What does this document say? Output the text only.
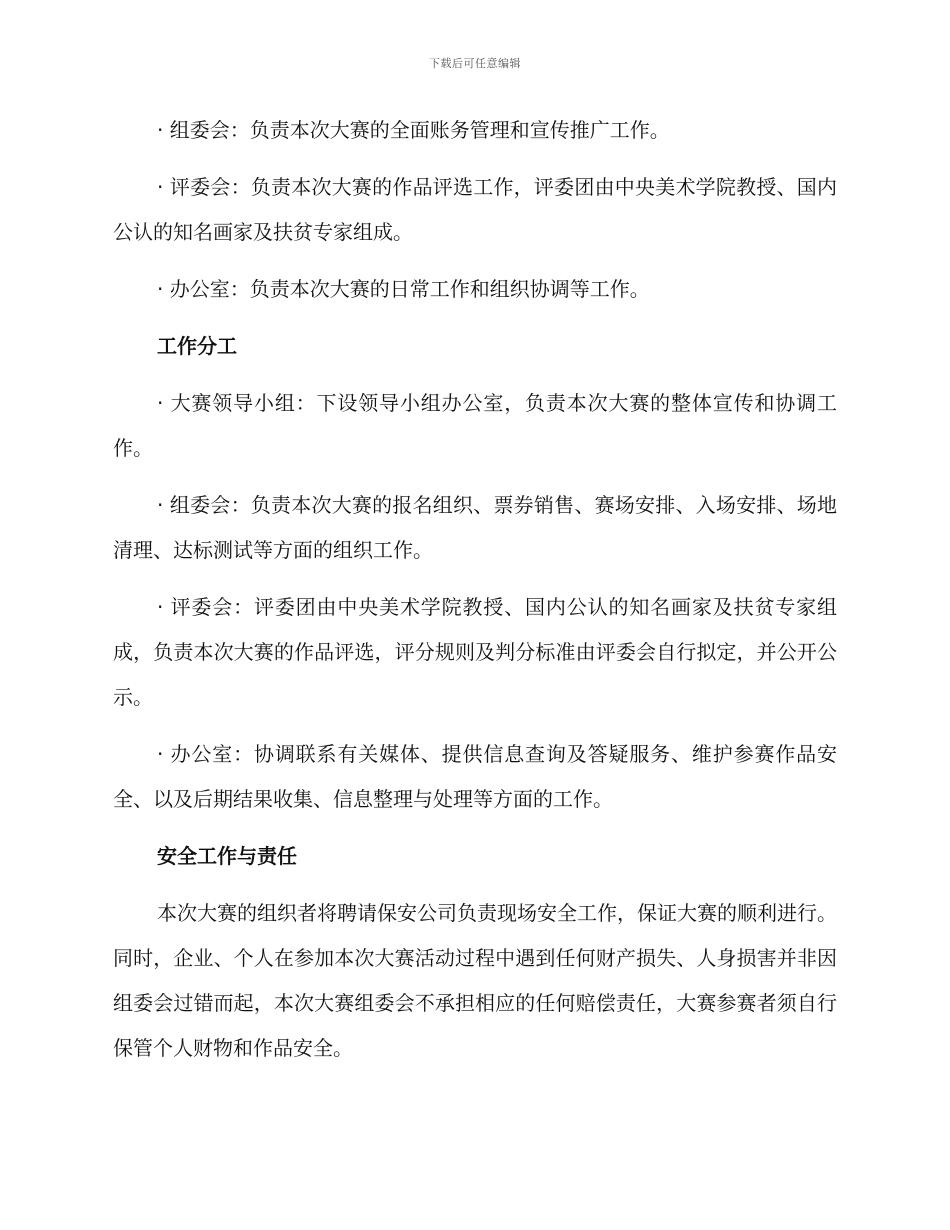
下载后可任意编辑

· 组委会：负责本次大赛的全面账务管理和宣传推广工作。

· 评委会：负责本次大赛的作品评选工作，评委团由中央美术学院教授、国内公认的知名画家及扶贫专家组成。

· 办公室：负责本次大赛的日常工作和组织协调等工作。

工作分工

· 大赛领导小组：下设领导小组办公室，负责本次大赛的整体宣传和协调工作。

· 组委会：负责本次大赛的报名组织、票券销售、赛场安排、入场安排、场地清理、达标测试等方面的组织工作。

· 评委会：评委团由中央美术学院教授、国内公认的知名画家及扶贫专家组成，负责本次大赛的作品评选，评分规则及判分标准由评委会自行拟定，并公开公示。

· 办公室：协调联系有关媒体、提供信息查询及答疑服务、维护参赛作品安全、以及后期结果收集、信息整理与处理等方面的工作。

安全工作与责任

本次大赛的组织者将聘请保安公司负责现场安全工作，保证大赛的顺利进行。同时，企业、个人在参加本次大赛活动过程中遇到任何财产损失、人身损害并非因组委会过错而起，本次大赛组委会不承担相应的任何赔偿责任，大赛参赛者须自行保管个人财物和作品安全。
